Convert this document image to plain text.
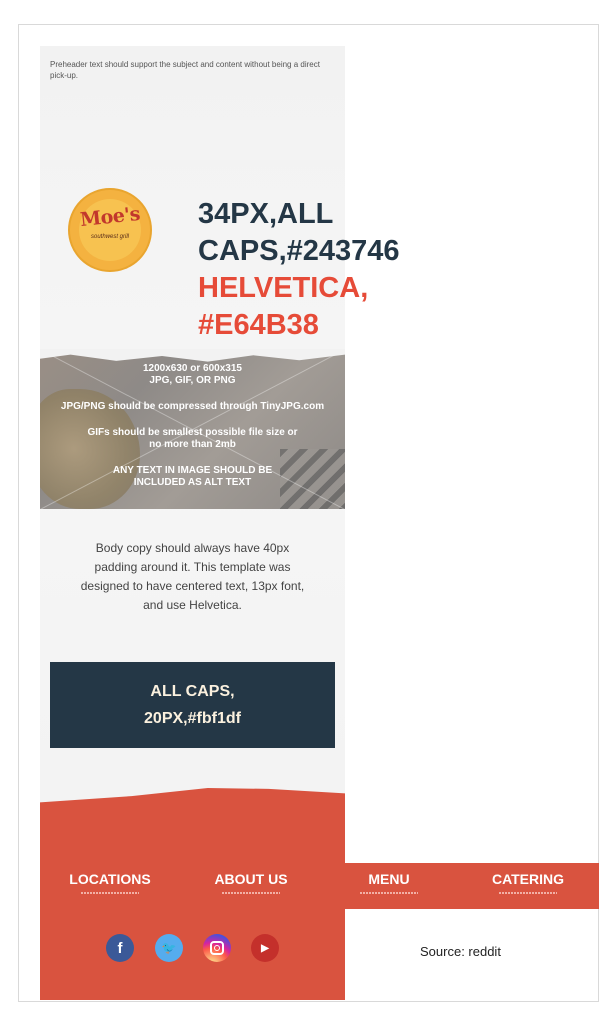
Preheader text should support the subject and content without being a direct pick-up.
Moe's
southwest grill
34PX,ALL
CAPS,#243746
HELVETICA,
#E64B38

1200x630 or 600x315
JPG, GIF, OR PNG

JPG/PNG should be compressed through TinyJPG.com

GIFs should be smallest possible file size or
no more than 2mb

ANY TEXT IN IMAGE SHOULD BE
INCLUDED AS ALT TEXT

Body copy should always have 40px padding around it. This template was designed to have centered text, 13px font, and use Helvetica.
ALL CAPS,
20PX,#fbf1df
LOCATIONS	ABOUT US	MENU	CATERING
f	🐦	▶	Source: reddit
